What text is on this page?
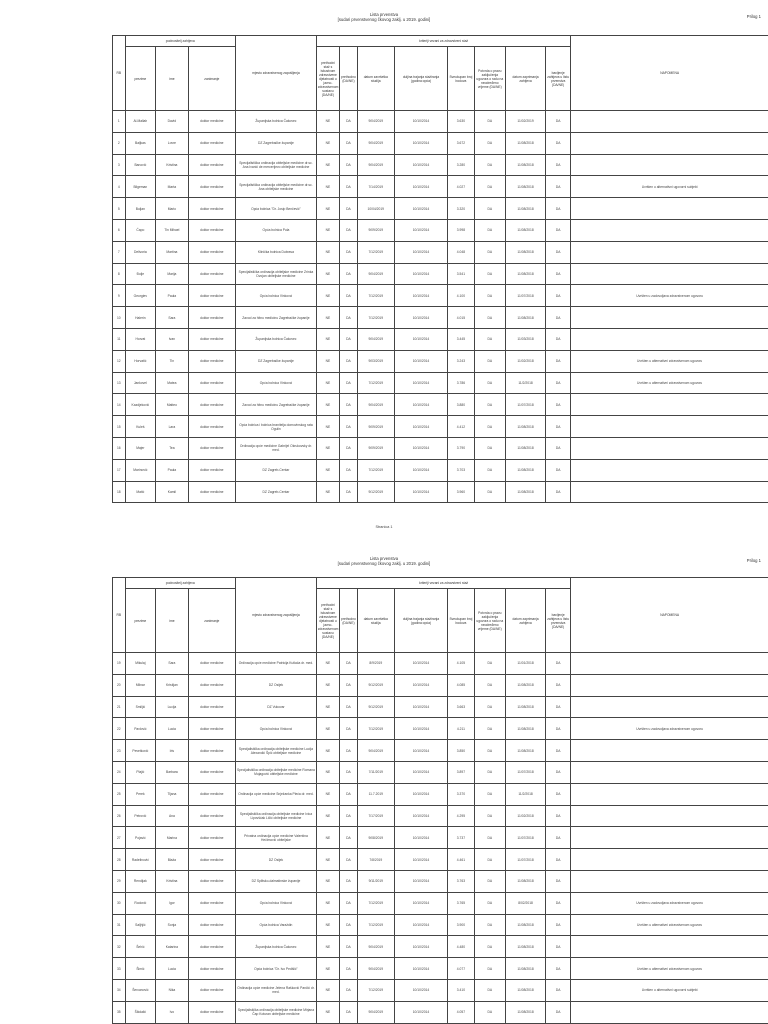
Lista prvenstva
[sudari prvenstvenog čkovog zaklj. u 2019. godini]
Prilog 1
RB	podnositelj zahtjeva			mjesto zdravstvenog zapošljenja	kriteriji vezani za zdravstveni staž								NAPOMENA
	prezime	ime	zanimanje		prethodni staž s iskustvom zdravstvene djelatnosti u javno-zdravstvenom sustavu (DA/NE)	prethodno (DA/NE)	datum završetka studija	duljina trajanja stažiranja (godina:opća)	Sveukupan broj bodova	Potvrda o pravu zaključenja ugovora o radu na neodređeno vrijeme (DA/NE)	datum zaprimanja zahtjeva	bavljenje zahtjeva u listu prvenstva (DA/NE)	
1	Al-Mallah	David	doktor medicine	Županijska bolnica Čakovec	NE	DA	9/04/2019	10/10/2014	3.630	DA	11/02/2019	DA	
2	Baljkas	Lovre	doktor medicine	DZ Zagrebačke županije	NE	DA	9/04/2019	10/10/2014	3.672	DA	11/08/2018	DA	
3	Banović	Kristina	doktor medicine	Specijalistička ordinacija obiteljske medicine dr.sc. Ana Ivanić de mercerijevo obiteljske medicine	NE	DA	9/04/2019	10/10/2014	3.280	DA	11/08/2018	DA	
4	Bilgeman	Marta	doktor medicine	Specijalistička ordinacija obiteljske medicine dr.sc. Ana obiteljske medicine	NE	DA	7/14/2019	10/10/2014	4.027	DA	11/08/2018	DA	Uvršten u alternativni ugovorni subjekt
5	Buljan	Mario	doktor medicine	Opća bolnica "Dr. Josip Benčević"	NE	DA	10/04/2019	10/10/2014	3.320	DA	11/08/2018	DA	
6	Ćapo	Tin Mihael	doktor medicine	Opća bolnica Pula	NE	DA	9/09/2019	10/10/2014	3.998	DA	11/08/2018	DA	
7	Delivoria	Martina	doktor medicine	Klinička bolnica Dubrava	NE	DA	7/12/2019	10/10/2014	4.048	DA	11/08/2018	DA	
8	Đolje	Marija	doktor medicine	Specijalistička ordinacija obiteljske medicine Zrinka Dvojan obiteljske medicine	NE	DA	9/04/2019	10/10/2014	3.541	DA	11/08/2018	DA	
9	Georgiev	Paula	doktor medicine	Opća bolnica Vinkovci	NE	DA	7/12/2019	10/10/2014	4.100	DA	11/07/2018	DA	Uvršten u zadovoljava zdravstvenom ugovoru
10	Halerin	Sara	doktor medicine	Zavod za hitnu medicinu Zagrebačke županije	NE	DA	7/12/2019	10/10/2014	4.015	DA	11/08/2018	DA	
11	Horvat	Ivan	doktor medicine	Županijska bolnica Čakovec	NE	DA	9/04/2019	10/10/2014	3.445	DA	11/03/2018	DA	
12	Horvatić	Tin	doktor medicine	DZ Zagrebačke županije	NE	DA	9/03/2019	10/10/2014	3.243	DA	11/02/2018	DA	Uvršten u alternativni zdravstvenom ugovoru
13	Jankovel	Matea	doktor medicine	Opća bolnica Vinkovci	NE	DA	7/12/2019	10/10/2014	3.786	DA	11/2/2018	DA	Uvršten u alternativni zdravstvenom ugovoru
14	Kazdjeković	Matteo	doktor medicine	Zavod za hitnu medicinu Zagrebačke županije	NE	DA	9/04/2019	10/10/2014	3.880	DA	11/07/2018	DA	
15	Kuleš	Lara	doktor medicine	Opća bolnica i bolnica branitelja domovinskog rata Ogulin	NE	DA	9/09/2019	10/10/2014	4.412	DA	11/08/2018	DA	
16	Majer	Tea	doktor medicine	Ordinacija opće medicine Gabrijel Okrukovsky dr. med.	NE	DA	9/09/2019	10/10/2014	3.790	DA	11/08/2018	DA	
17	Marinović	Paula	doktor medicine	DZ Zagreb-Centar	NE	DA	7/12/2019	10/10/2014	3.703	DA	11/08/2018	DA	
18	Matić	Kamil	doktor medicine	DZ Zagreb-Centar	NE	DA	9/12/2019	10/10/2014	3.960	DA	11/08/2018	DA	
Stranica 1
Lista prvenstva
[sudari prvenstvenog čkovog zaklj. u 2019. godini]
Prilog 1
RB	podnositelj zahtjeva			mjesto zdravstvenog zapošljenja	kriteriji vezani za zdravstveni staž								NAPOMENA
	prezime	ime	zanimanje		prethodni staž s iskustvom zdravstvene djelatnosti u javno-zdravstvenom sustavu (DA/NE)	prethodno (DA/NE)	datum završetka studija	duljina trajanja stažiranja (godina:opća)	Sveukupan broj bodova	Potvrda o pravu zaključenja ugovora o radu na neodređeno vrijeme (DA/NE)	datum zaprimanja zahtjeva	bavljenje zahtjeva u listu prvenstva (DA/NE)	
19	Mikulaj	Sara	doktor medicine	Ordinacija opće medicine Patricija Kutlača dr. med.	NE	DA	8/9/2019	10/10/2014	4.105	DA	11/01/2018	DA	
20	Mlinar	Kristijan	doktor medicine	DZ Osijek	NE	DA	9/12/2019	10/10/2014	4.085	DA	11/08/2018	DA	
21	Smiljić	Lucija	doktor medicine	DZ Vukovar	NE	DA	9/12/2019	10/10/2014	3.663	DA	11/08/2018	DA	
22	Pavlović	Lucia	doktor medicine	Opća bolnica Vinkovci	NE	DA	7/12/2019	10/10/2014	4.211	DA	11/08/2018	DA	Uvršten u zadovoljava zdravstvenom ugovoru
23	Pevetković	Iris	doktor medicine	Specijalistička ordinacija obiteljske medicine Lucija Alexandić Špić obiteljske medicine	NE	DA	9/04/2019	10/10/2014	3.850	DA	11/08/2018	DA	
24	Plajić	Barbara	doktor medicine	Specijalistička ordinacija obiteljske medicine Romana Mujagović obiteljske medicine	NE	DA	7/11/2019	10/10/2014	3.897	DA	11/07/2018	DA	
25	Perek	Tijana	doktor medicine	Ordinacija opće medicine Snježanka Pleća dr. med.	NE	DA	11.7.2019	10/10/2014	3.370	DA	11/2/2018	DA	
26	Petrović	Ana	doktor medicine	Specijalistička ordinacija obiteljske medicine Ivica Lipovšćak Ličić obiteljske medicine	NE	DA	7/17/2019	10/10/2014	4.295	DA	11/02/2018	DA	
27	Pojavić	Marina	doktor medicine	Privatna ordinacija opće medicine Valentina Hečimović obiteljske	NE	DA	9/08/2019	10/10/2014	3.737	DA	11/07/2018	DA	
28	Radelinović	Blaža	doktor medicine	DZ Osijek	NE	DA	7/8/2019	10/10/2014	4.461	DA	11/07/2018	DA	
29	Rendijak	Kristina	doktor medicine	DZ Splitsko-dalmatinske županije	NE	DA	9/11/2019	10/10/2014	3.763	DA	11/08/2018	DA	
30	Rodović	Igor	doktor medicine	Opća bolnica Vinkovci	NE	DA	7/12/2019	10/10/2014	3.765	DA	8/02/2018	DA	Uvršten u zadovoljava zdravstvenom ugovoru
31	Saljhjić	Sonja	doktor medicine	Opća bolnica Varaždin	NE	DA	7/12/2019	10/10/2014	3.900	DA	11/08/2018	DA	Uvršten u alternativni zdravstvenom ugovoru
32	Šehić	Katarina	doktor medicine	Županijska bolnica Čakovec	NE	DA	9/04/2019	10/10/2014	4.480	DA	11/08/2018	DA	
33	Šimić	Lucia	doktor medicine	Opća bolnica "Dr. Ivo Pedišić"	NE	DA	9/04/2019	10/10/2014	4.077	DA	11/08/2018	DA	Uvršten u alternativni zdravstvenom ugovoru
34	Šercanović	Nika	doktor medicine	Ordinacija opće medicine Jelena Rašković Pančić dr. med.	NE	DA	7/12/2019	10/10/2014	3.410	DA	11/08/2018	DA	Uvršten u alternativni ugovorni subjekt
35	Šikdalić	Ivo	doktor medicine	Specijalistička ordinacija obiteljske medicine Mirjana Čap Koturan obiteljske medicine	NE	DA	9/04/2019	10/10/2014	4.057	DA	11/08/2018	DA	
